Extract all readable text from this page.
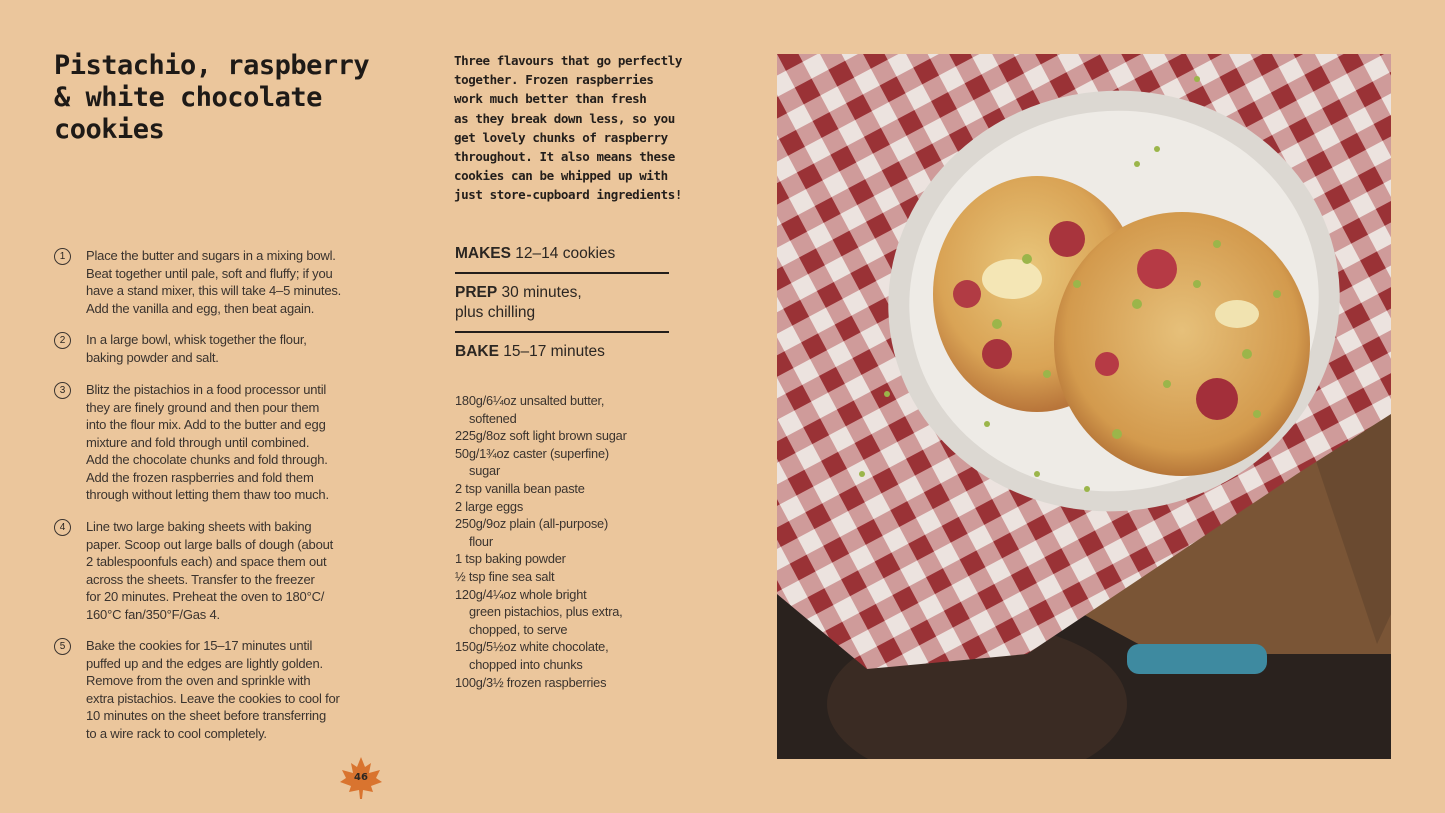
Pistachio, raspberry
& white chocolate
cookies
Three flavours that go perfectly
together. Frozen raspberries
work much better than fresh
as they break down less, so you
get lovely chunks of raspberry
throughout. It also means these
cookies can be whipped up with
just store-cupboard ingredients!
1	Place the butter and sugars in a mixing bowl.
Beat together until pale, soft and fluffy; if you
have a stand mixer, this will take 4–5 minutes.
Add the vanilla and egg, then beat again.
2	In a large bowl, whisk together the flour,
baking powder and salt.
3	Blitz the pistachios in a food processor until
they are finely ground and then pour them
into the flour mix. Add to the butter and egg
mixture and fold through until combined.
Add the chocolate chunks and fold through.
Add the frozen raspberries and fold them
through without letting them thaw too much.
4	Line two large baking sheets with baking
paper. Scoop out large balls of dough (about
2 tablespoonfuls each) and space them out
across the sheets. Transfer to the freezer
for 20 minutes. Preheat the oven to 180°C/
160°C fan/350°F/Gas 4.
5	Bake the cookies for 15–17 minutes until
puffed up and the edges are lightly golden.
Remove from the oven and sprinkle with
extra pistachios. Leave the cookies to cool for
10 minutes on the sheet before transferring
to a wire rack to cool completely.
MAKES 12–14 cookies
PREP 30 minutes,
plus chilling
BAKE 15–17 minutes
180g/6¼oz unsalted butter,
softened
225g/8oz soft light brown sugar
50g/1¾oz caster (superfine)
sugar
2 tsp vanilla bean paste
2 large eggs
250g/9oz plain (all-purpose)
flour
1 tsp baking powder
½ tsp fine sea salt
120g/4¼oz whole bright
green pistachios, plus extra,
chopped, to serve
150g/5½oz white chocolate,
chopped into chunks
100g/3½ frozen raspberries
46
